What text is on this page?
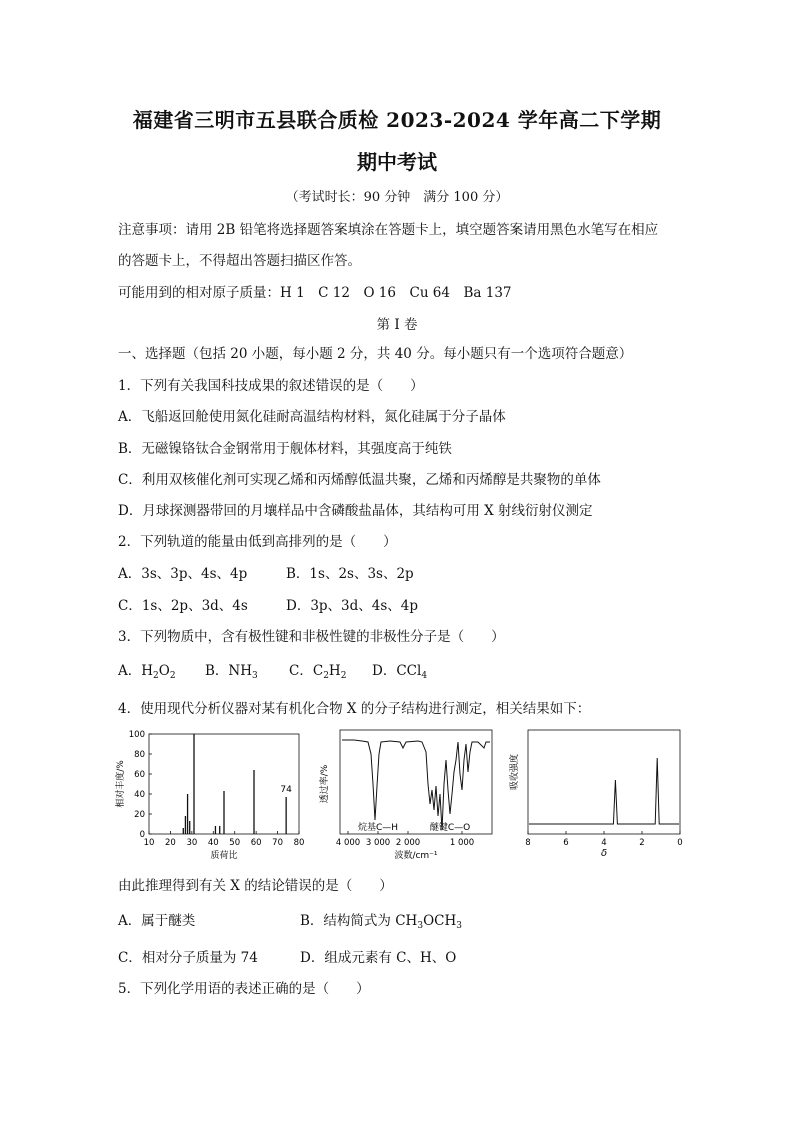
福建省三明市五县联合质检 2023-2024 学年高二下学期
期中考试
（考试时长：90 分钟　满分 100 分）
注意事项：请用 2B 铅笔将选择题答案填涂在答题卡上，填空题答案请用黑色水笔写在相应
的答题卡上，不得超出答题扫描区作答。
可能用到的相对原子质量：H 1　C 12　O 16　Cu 64　Ba 137
第 I 卷
一、选择题（包括 20 小题，每小题 2 分，共 40 分。每小题只有一个选项符合题意）
1．下列有关我国科技成果的叙述错误的是（　　）
A．飞船返回舱使用氮化硅耐高温结构材料，氮化硅属于分子晶体
B．无磁镍铬钛合金钢常用于舰体材料，其强度高于纯铁
C．利用双核催化剂可实现乙烯和丙烯醇低温共聚，乙烯和丙烯醇是共聚物的单体
D．月球探测器带回的月壤样品中含磷酸盐晶体，其结构可用 X 射线衍射仪测定
2．下列轨道的能量由低到高排列的是（　　）
A．3s、3p、4s、4p	B．1s、2s、3s、2p
C．1s、2p、3d、4s	D．3p、3d、4s、4p
3．下列物质中，含有极性键和非极性键的非极性分子是（　　）
A．$H_2O_2$ B．$NH_3$ C．$C_2H_2$ D．CCl$_4$
4．使用现代分析仪器对某有机化合物 X 的分子结构进行测定，相关结果如下：
0
20
40
60
80
100
10 20 30 40 50 60 70 80
74
相对丰度/%
质荷比
4 000 3 000 2 000	1 000
透过率/%
烷基C—H	醚键C—O
波数/cm⁻¹
8	6	4	2	0
吸收强度
δ
由此推理得到有关 X 的结论错误的是（　　）
A．属于醚类	B．结构简式为 $CH_3OCH_3$
C．相对分子质量为 74	D．组成元素有 C、H、O
5．下列化学用语的表述正确的是（　　）
